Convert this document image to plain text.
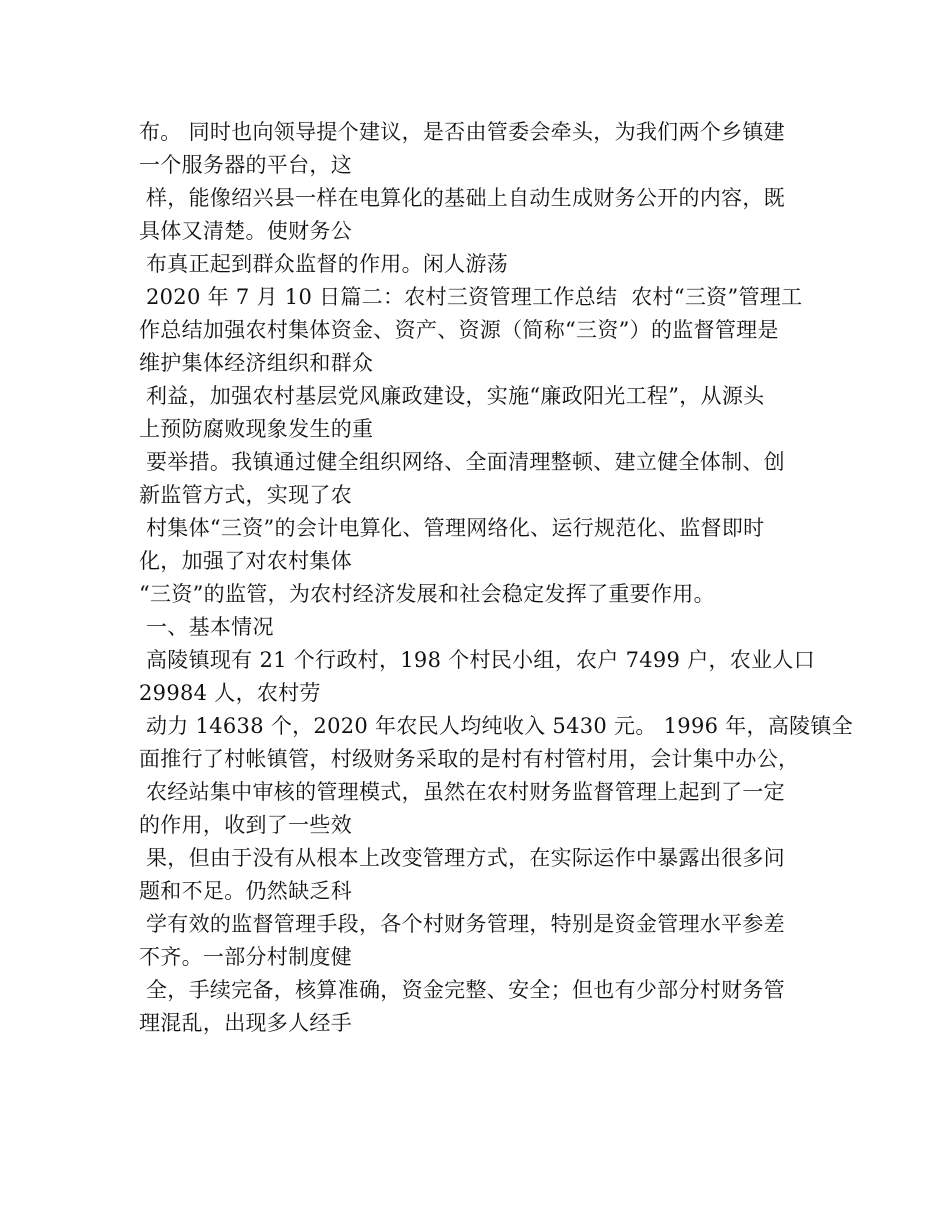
布。 同时也向领导提个建议，是否由管委会牵头，为我们两个乡镇建
一个服务器的平台，这
样，能像绍兴县一样在电算化的基础上自动生成财务公开的内容，既
具体又清楚。使财务公
布真正起到群众监督的作用。闲人游荡
2020 年 7 月 10 日篇二：农村三资管理工作总结  农村“三资”管理工
作总结加强农村集体资金、资产、资源（简称“三资”）的监督管理是
维护集体经济组织和群众
利益，加强农村基层党风廉政建设，实施“廉政阳光工程”，从源头
上预防腐败现象发生的重
要举措。我镇通过健全组织网络、全面清理整顿、建立健全体制、创
新监管方式，实现了农
村集体“三资”的会计电算化、管理网络化、运行规范化、监督即时
化，加强了对农村集体
“三资”的监管，为农村经济发展和社会稳定发挥了重要作用。
一、基本情况
高陵镇现有 21 个行政村，198 个村民小组，农户 7499 户，农业人口
29984 人，农村劳
动力 14638 个，2020 年农民人均纯收入 5430 元。 1996 年，高陵镇全
面推行了村帐镇管，村级财务采取的是村有村管村用，会计集中办公，
农经站集中审核的管理模式，虽然在农村财务监督管理上起到了一定
的作用，收到了一些效
果，但由于没有从根本上改变管理方式，在实际运作中暴露出很多问
题和不足。仍然缺乏科
学有效的监督管理手段，各个村财务管理，特别是资金管理水平参差
不齐。一部分村制度健
全，手续完备，核算准确，资金完整、安全；但也有少部分村财务管
理混乱，出现多人经手
